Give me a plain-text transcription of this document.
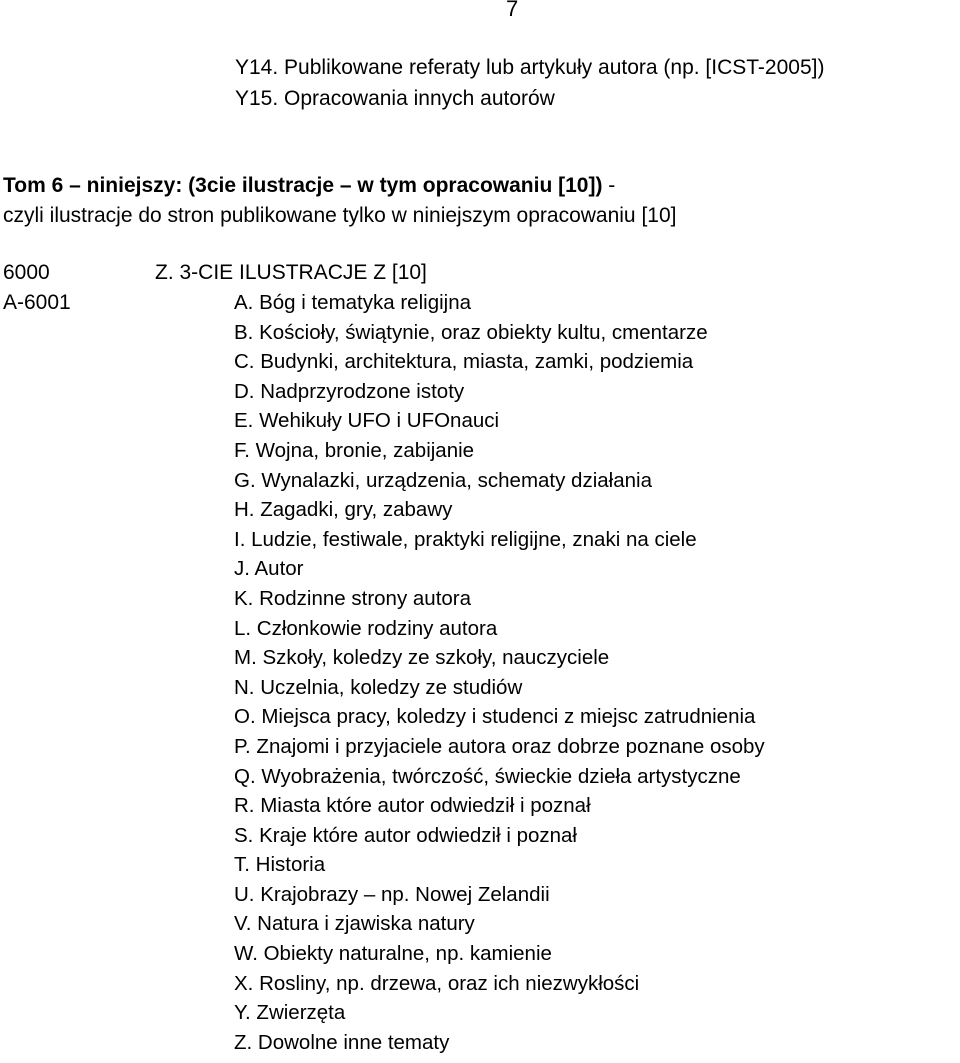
7
Y14. Publikowane referaty lub artykuły autora (np. [ICST-2005])
Y15. Opracowania innych autorów
Tom 6 – niniejszy: (3cie ilustracje – w tym opracowaniu [10]) -
czyli ilustracje do stron publikowane tylko w niniejszym opracowaniu [10]
6000	Z. 3-CIE ILUSTRACJE Z [10]
A-6001	A. Bóg i tematyka religijna
B. Kościoły, świątynie, oraz obiekty kultu, cmentarze
C. Budynki, architektura, miasta, zamki, podziemia
D. Nadprzyrodzone istoty
E. Wehikuły UFO i UFOnauci
F. Wojna, bronie, zabijanie
G. Wynalazki, urządzenia, schematy działania
H. Zagadki, gry, zabawy
I. Ludzie, festiwale, praktyki religijne, znaki na ciele
J. Autor
K. Rodzinne strony autora
L. Członkowie rodziny autora
M. Szkoły, koledzy ze szkoły, nauczyciele
N. Uczelnia, koledzy ze studiów
O. Miejsca pracy, koledzy i studenci z miejsc zatrudnienia
P. Znajomi i przyjaciele autora oraz dobrze poznane osoby
Q. Wyobrażenia, twórczość, świeckie dzieła artystyczne
R. Miasta które autor odwiedził i poznał
S. Kraje które autor odwiedził i poznał
T. Historia
U. Krajobrazy – np. Nowej Zelandii
V. Natura i zjawiska natury
W. Obiekty naturalne, np. kamienie
X. Rosliny, np. drzewa, oraz ich niezwykłości
Y. Zwierzęta
Z. Dowolne inne tematy
